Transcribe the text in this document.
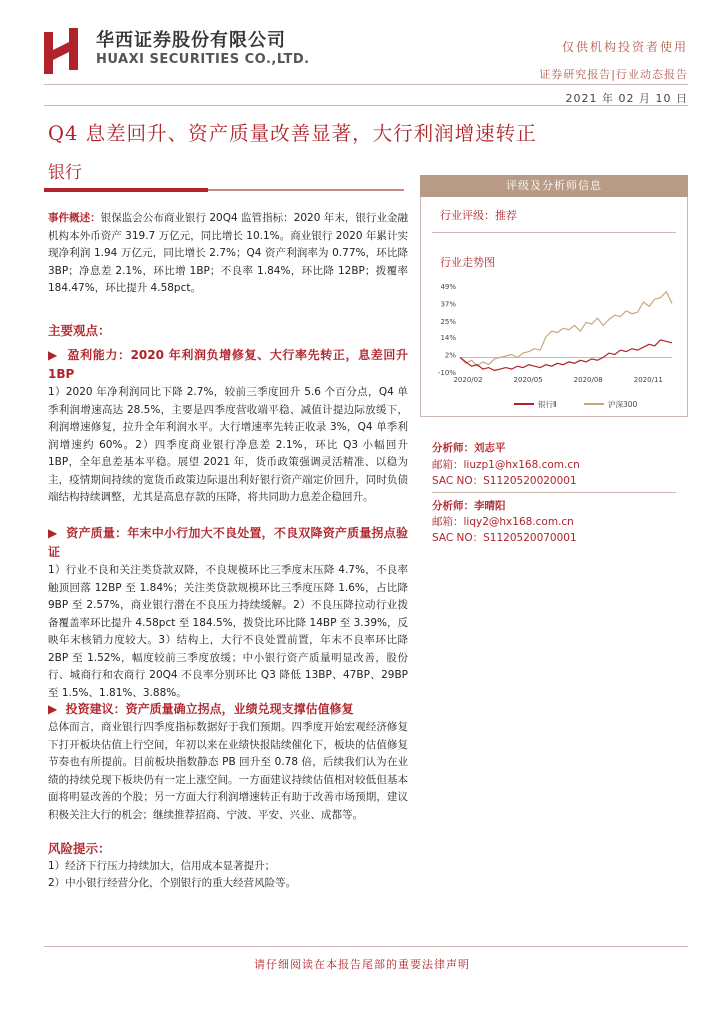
华西证券股份有限公司
HUAXI SECURITIES CO.,LTD.
仅供机构投资者使用
证券研究报告|行业动态报告
2021 年 02 月 10 日
Q4 息差回升、资产质量改善显著，大行利润增速转正
银行
事件概述：银保监会公布商业银行 20Q4 监管指标：2020 年末，银行业金融机构本外币资产 319.7 万亿元，同比增长 10.1%。商业银行 2020 年累计实现净利润 1.94 万亿元，同比增长 2.7%；Q4 资产利润率为 0.77%，环比降 3BP；净息差 2.1%，环比增 1BP；不良率 1.84%，环比降 12BP；拨覆率 184.47%，环比提升 4.58pct。
主要观点：
▶  盈利能力：2020 年利润负增修复、大行率先转正，息差回升 1BP
1）2020 年净利润同比下降 2.7%，较前三季度回升 5.6 个百分点，Q4 单季利润增速高达 28.5%，主要是四季度营收端平稳、减值计提边际放缓下，利润增速修复，拉升全年利润水平。大行增速率先转正收录 3%，Q4 单季利润增速约 60%。2）四季度商业银行净息差 2.1%，环比 Q3 小幅回升 1BP，全年息差基本平稳。展望 2021 年，货币政策强调灵活精准、以稳为主，疫情期间持续的宽货币政策边际退出利好银行资产端定价回升，同时负债端结构持续调整，尤其是高息存款的压降，将共同助力息差企稳回升。
▶  资产质量：年末中小行加大不良处置，不良双降资产质量拐点验证
1）行业不良和关注类贷款双降，不良规模环比三季度末压降 4.7%，不良率触顶回落 12BP 至 1.84%；关注类贷款规模环比三季度压降 1.6%，占比降 9BP 至 2.57%，商业银行潜在不良压力持续缓解。2）不良压降拉动行业拨备覆盖率环比提升 4.58pct 至 184.5%，拨贷比环比降 14BP 至 3.39%，反映年末核销力度较大。3）结构上，大行不良处置前置，年末不良率环比降 2BP 至 1.52%，幅度较前三季度放缓；中小银行资产质量明显改善，股份行、城商行和农商行 20Q4 不良率分别环比 Q3 降低 13BP、47BP、29BP 至 1.5%、1.81%、3.88%。
▶  投资建议：资产质量确立拐点，业绩兑现支撑估值修复
总体而言，商业银行四季度指标数据好于我们预期。四季度开始宏观经济修复下打开板块估值上行空间，年初以来在业绩快报陆续催化下，板块的估值修复节奏也有所提前。目前板块指数静态 PB 回升至 0.78 倍，后续我们认为在业绩的持续兑现下板块仍有一定上涨空间。一方面建议持续估值相对较低但基本面将明显改善的个股；另一方面大行利润增速转正有助于改善市场预期，建议积极关注大行的机会；继续推荐招商、宁波、平安、兴业、成都等。
风险提示：
1）经济下行压力持续加大，信用成本显著提升；
2）中小银行经营分化，个别银行的重大经营风险等。
评级及分析师信息
行业评级：推荐
行业走势图
49%
37%
25%
14%
2%
-10%
2020/02	2020/05	2020/08	2020/11
银行Ⅱ	沪深300
分析师：刘志平
邮箱：liuzp1@hx168.com.cn
SAC NO：S1120520020001
分析师：李晴阳
邮箱：liqy2@hx168.com.cn
SAC NO：S1120520070001
请仔细阅读在本报告尾部的重要法律声明
